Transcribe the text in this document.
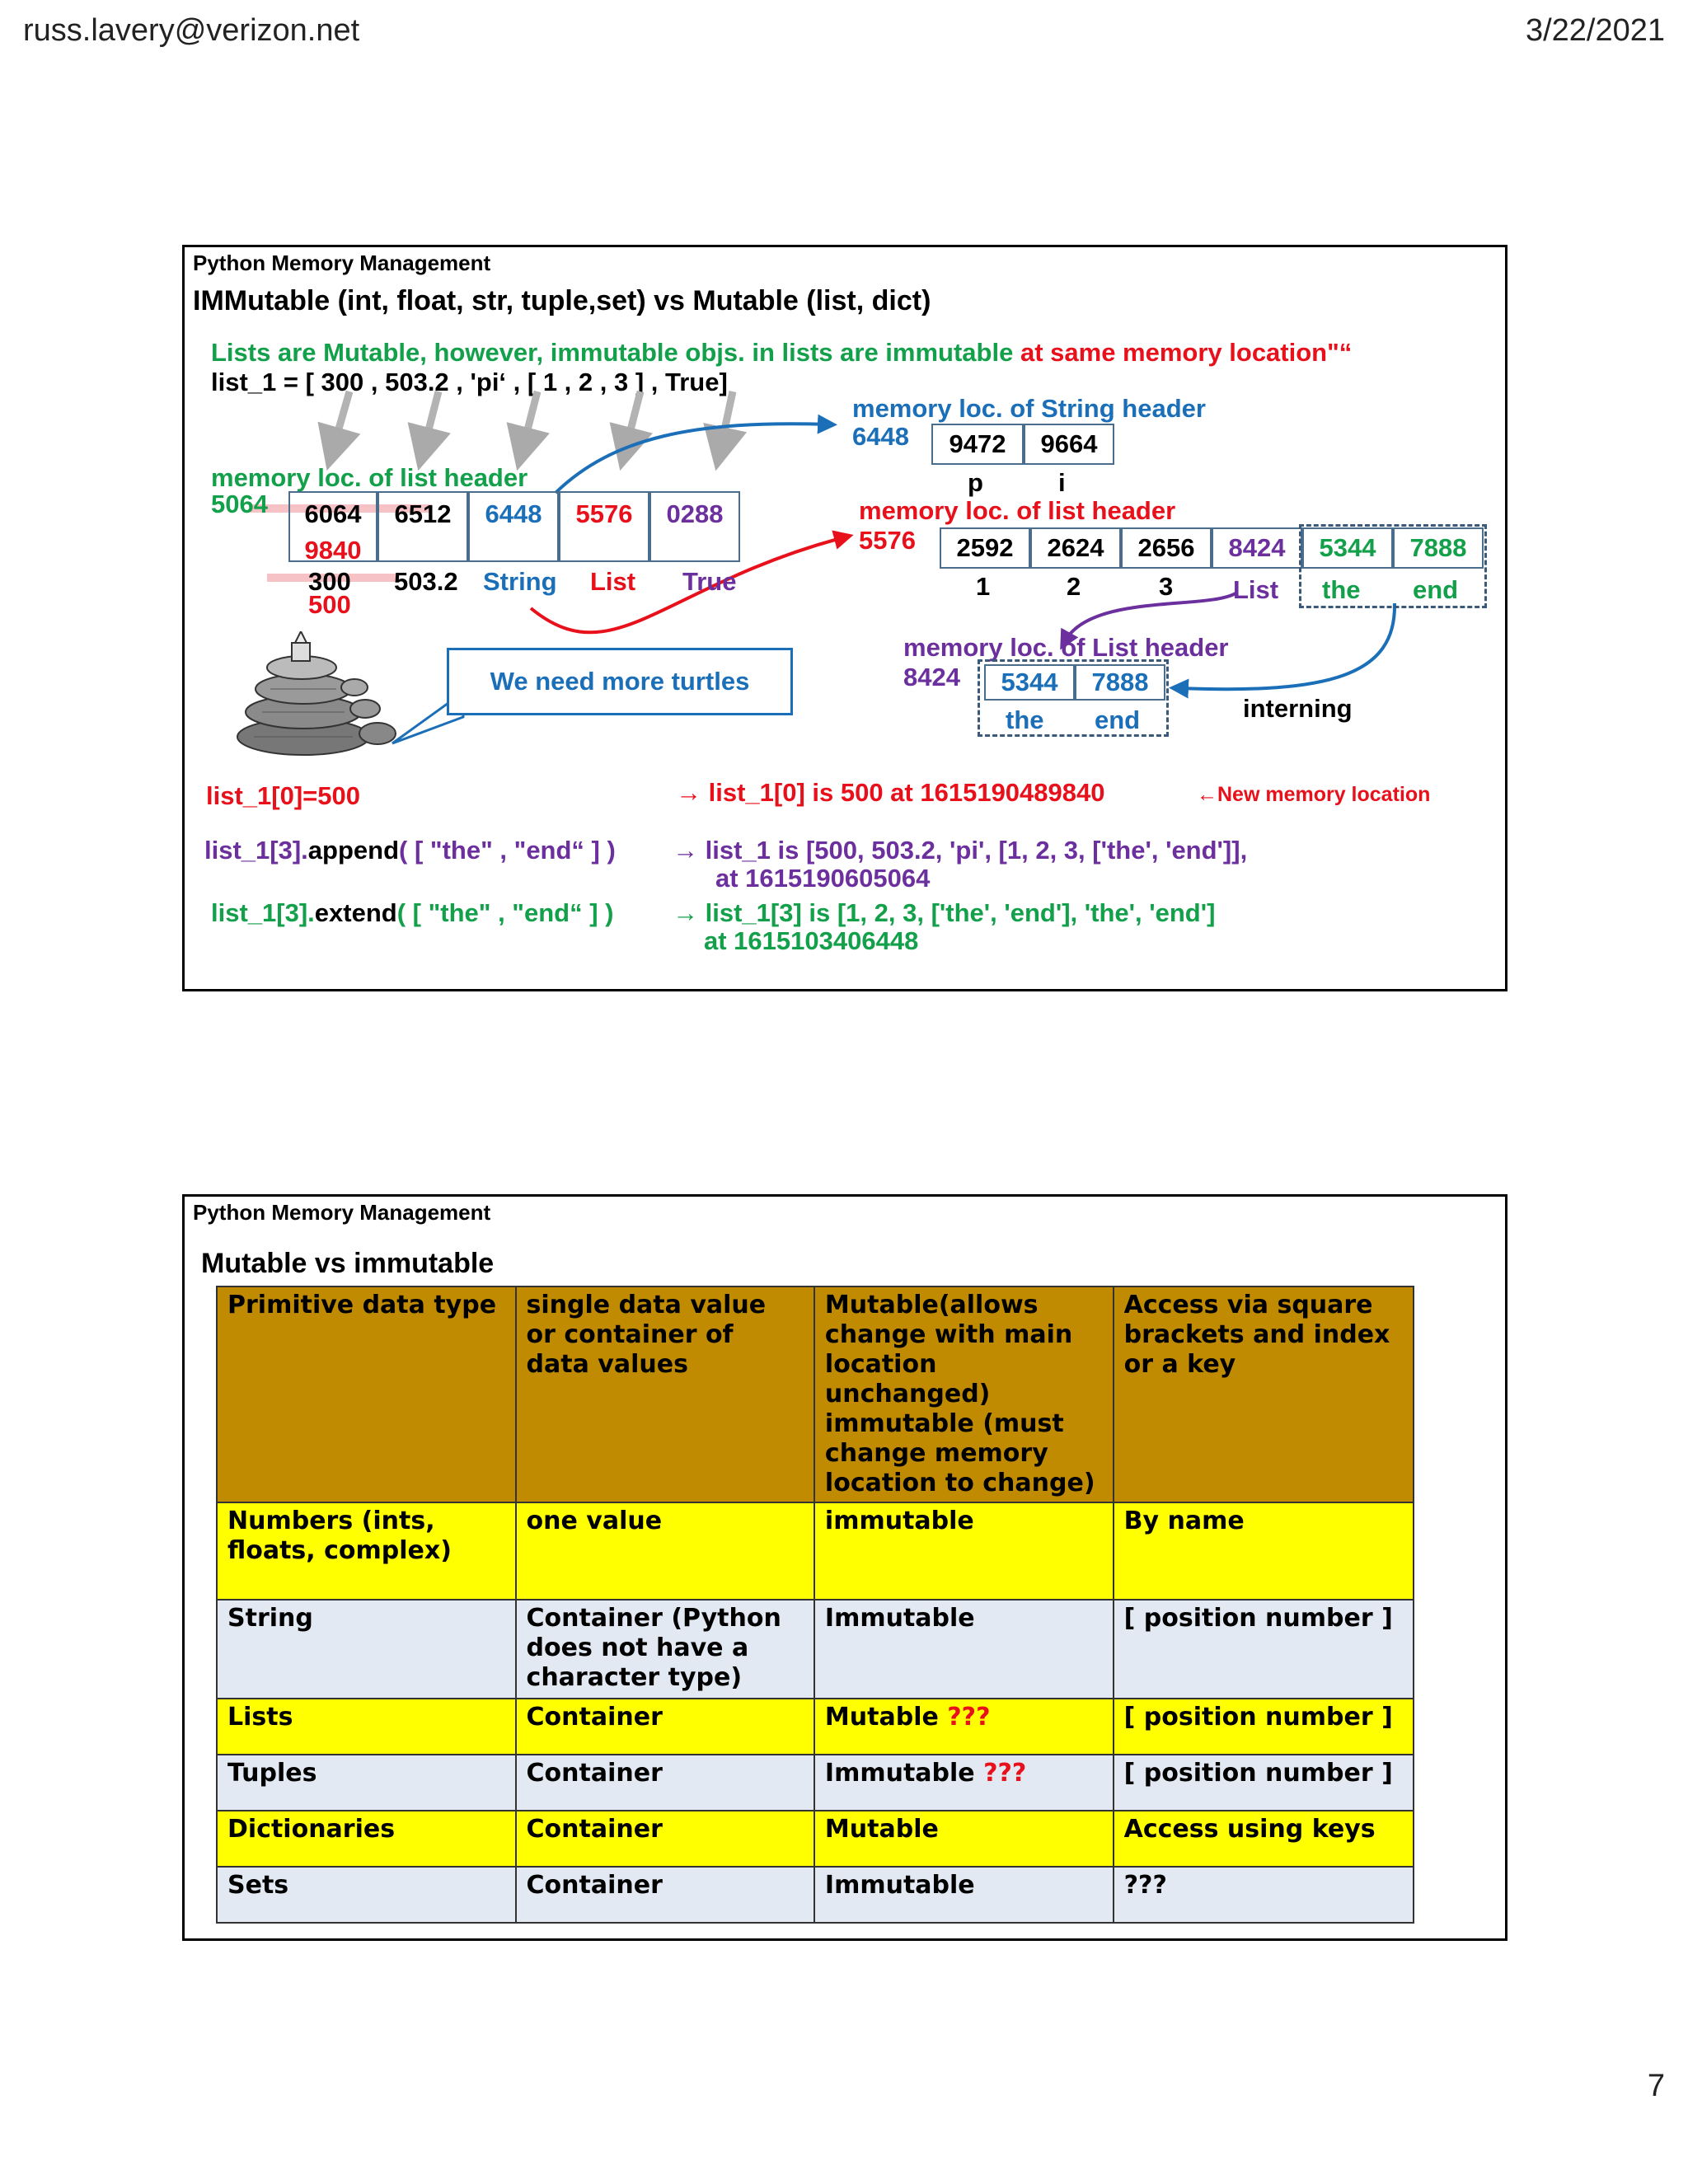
russ.lavery@verizon.net	3/22/2021
7
Python Memory Management
IMMutable (int, float, str, tuple,set) vs Mutable (list, dict)
Lists are Mutable, however, immutable objs. in lists are immutable at same memory location"“
list_1 = [ 300 , 503.2 , 'pi‘ , [ 1 , 2 , 3 ] , True]
memory loc. of list header
5064 6064
9840
6512	6448	5576	0288
300
500
503.2 String List True
memory loc. of String header
6448	9472	9664
p	i
memory loc. of list header
5576	2592	2624	2656	8424	5344	7888
1	2	3 List the end
memory loc. of List header
8424	5344	7888
the end	interning
We need more turtles
list_1[0]=500	→ list_1[0] is 500 at 1615190489840	←New memory location
list_1[3].append( [ "the" , "end“ ] ) → list_1 is [500, 503.2, 'pi', [1, 2, 3, ['the', 'end']],
at 1615190605064
list_1[3].extend( [ "the" , "end“ ] ) → list_1[3] is [1, 2, 3, ['the', 'end'], 'the', 'end']
at 1615103406448
Python Memory Management
Mutable vs immutable
Primitive data type	single data value or container of data values	Mutable(allows change with main location unchanged) immutable (must change memory location to change)	Access via square brackets and index or a key
Numbers (ints, floats, complex)	one value	immutable	By name
String	Container (Python does not have a character type)	Immutable	[ position number ]
Lists	Container	Mutable ???	[ position number ]
Tuples	Container	Immutable ???	[ position number ]
Dictionaries	Container	Mutable	Access using keys
Sets	Container	Immutable	???
